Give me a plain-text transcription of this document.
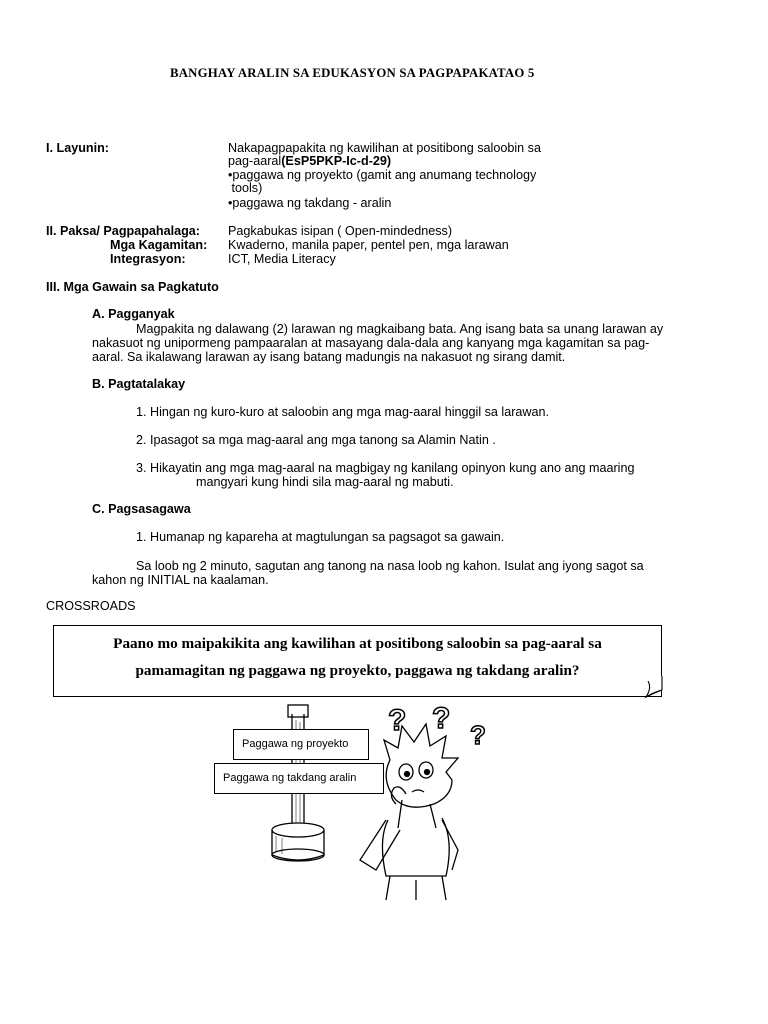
BANGHAY ARALIN SA EDUKASYON SA PAGPAPAKATAO 5
I. Layunin:	Nakapagpapakita ng kawilihan at positibong saloobin sa
pag-aaral(EsP5PKP-Ic-d-29)
•paggawa ng proyekto (gamit ang anumang technology
tools)
•paggawa ng takdang - aralin
II. Paksa/ Pagpapahalaga: Pagkabukas isipan ( Open-mindedness)
Mga Kagamitan: Kwaderno, manila paper, pentel pen, mga larawan
Integrasyon:	ICT, Media Literacy
III. Mga Gawain sa Pagkatuto
A. Pagganyak
Magpakita ng dalawang (2) larawan ng magkaibang bata. Ang isang bata sa unang larawan ay
nakasuot ng unipormeng pampaaralan at masayang dala-dala ang kanyang mga kagamitan sa pag-
aaral. Sa ikalawang larawan ay isang batang madungis na nakasuot ng sirang damit.
B. Pagtatalakay
1. Hingan ng kuro-kuro at saloobin ang mga mag-aaral hinggil sa larawan.
2. Ipasagot sa mga mag-aaral ang mga tanong sa Alamin Natin .
3. Hikayatin ang mga mag-aaral na magbigay ng kanilang opinyon kung ano ang maaring
mangyari kung hindi sila mag-aaral ng mabuti.
C. Pagsasagawa
1. Humanap ng kapareha at magtulungan sa pagsagot sa gawain.
Sa loob ng 2 minuto, sagutan ang tanong na nasa loob ng kahon. Isulat ang iyong sagot sa
kahon ng INITIAL na kaalaman.
CROSSROADS
Paano mo maipakikita ang kawilihan at positibong saloobin sa pag-aaral sa
pamamagitan ng paggawa ng proyekto, paggawa ng takdang aralin?
? ? ?
Paggawa ng proyekto
Paggawa ng takdang aralin
